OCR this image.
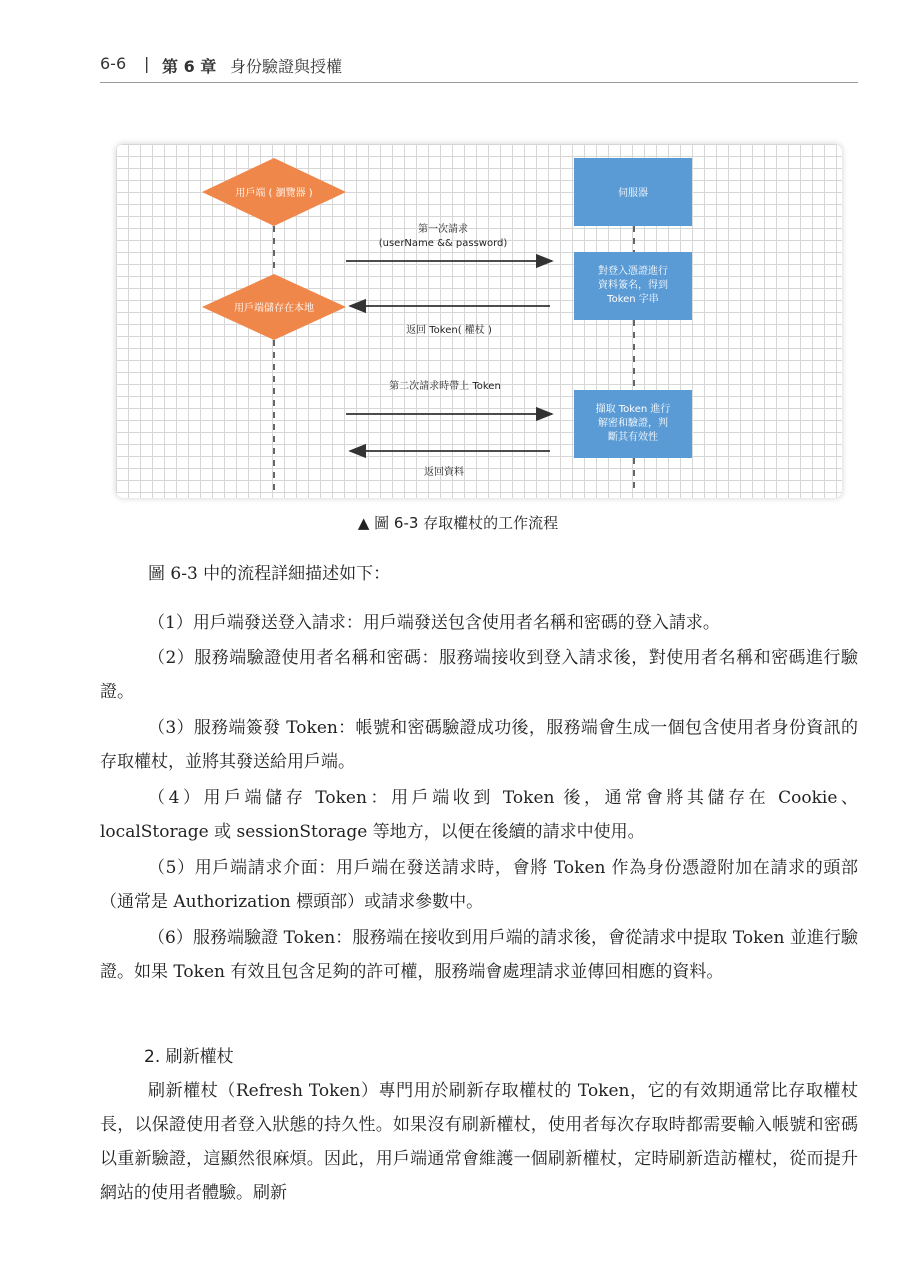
6-6 | 第 6 章 身份驗證與授權
用戶端 ( 瀏覽器 )
用戶端儲存在本地
伺服器
對登入憑證進行
資料簽名，得到
Token 字串
擷取 Token 進行
解密和驗證，判
斷其有效性
第一次請求
(userName && password)
返回 Token( 權杖 )
第二次請求時帶上 Token
返回資料
▲ 圖 6-3 存取權杖的工作流程
圖 6-3 中的流程詳細描述如下：

（1）用戶端發送登入請求：用戶端發送包含使用者名稱和密碼的登入請求。

（2）服務端驗證使用者名稱和密碼：服務端接收到登入請求後，對使用者名稱和密碼進行驗證。

（3）服務端簽發 Token：帳號和密碼驗證成功後，服務端會生成一個包含使用者身份資訊的存取權杖，並將其發送給用戶端。

（4）用戶端儲存 Token：用戶端收到 Token 後，通常會將其儲存在 Cookie、localStorage 或 sessionStorage 等地方，以便在後續的請求中使用。

（5）用戶端請求介面：用戶端在發送請求時，會將 Token 作為身份憑證附加在請求的頭部（通常是 Authorization 標頭部）或請求參數中。

（6）服務端驗證 Token：服務端在接收到用戶端的請求後，會從請求中提取 Token 並進行驗證。如果 Token 有效且包含足夠的許可權，服務端會處理請求並傳回相應的資料。

2. 刷新權杖

刷新權杖（Refresh Token）專門用於刷新存取權杖的 Token，它的有效期通常比存取權杖長，以保證使用者登入狀態的持久性。如果沒有刷新權杖，使用者每次存取時都需要輸入帳號和密碼以重新驗證，這顯然很麻煩。因此，用戶端通常會維護一個刷新權杖，定時刷新造訪權杖，從而提升網站的使用者體驗。刷新
